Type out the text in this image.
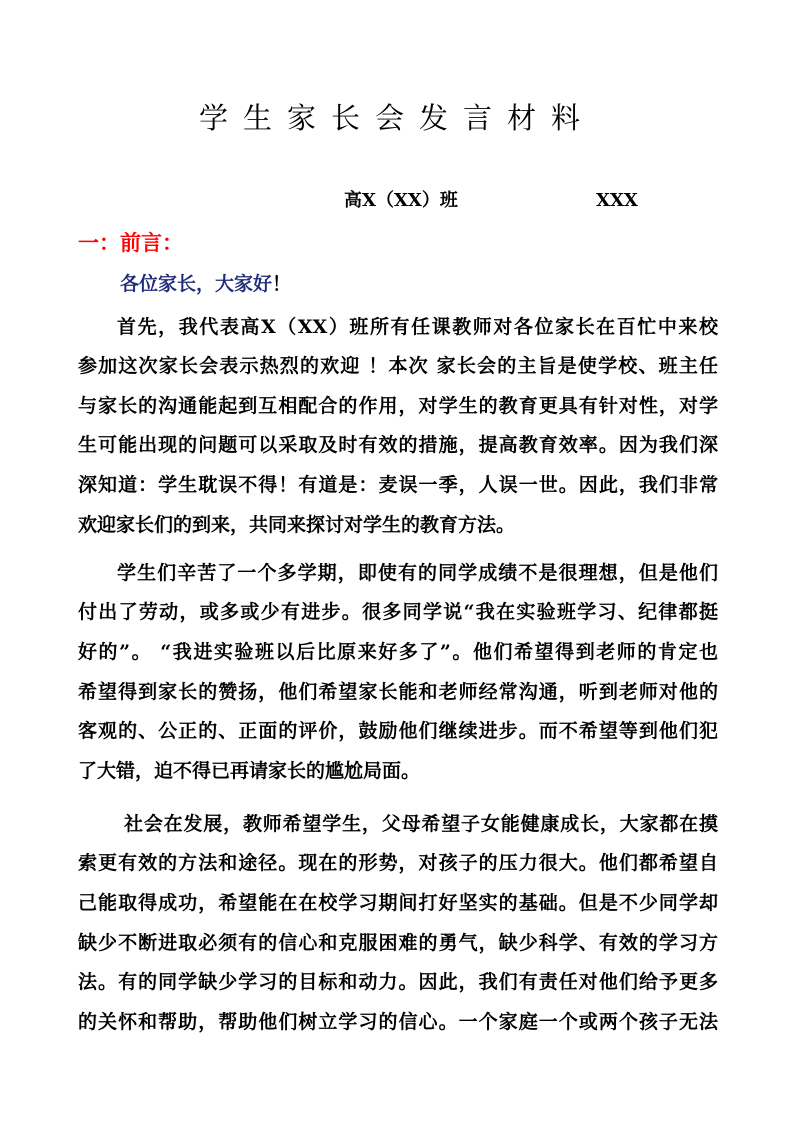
学生家长会发言材料
高X（XX）班	XXX
一：前言：
各位家长，大家好！
首先，我代表高X（XX）班所有任课教师对各位家长在百忙中来校
参加这次家长会表示热烈的欢迎 ！本次 家长会的主旨是使学校、班主任
与家长的沟通能起到互相配合的作用，对学生的教育更具有针对性，对学
生可能出现的问题可以采取及时有效的措施，提高教育效率。因为我们深
深知道：学生耽误不得！有道是：麦误一季，人误一世。因此，我们非常
欢迎家长们的到来，共同来探讨对学生的教育方法。
学生们辛苦了一个多学期，即使有的同学成绩不是很理想，但是他们
付出了劳动，或多或少有进步。很多同学说“我在实验班学习、纪律都挺
好的”。 “我进实验班以后比原来好多了”。他们希望得到老师的肯定也
希望得到家长的赞扬，他们希望家长能和老师经常沟通，听到老师对他的
客观的、公正的、正面的评价，鼓励他们继续进步。而不希望等到他们犯
了大错，迫不得已再请家长的尴尬局面。
社会在发展，教师希望学生，父母希望子女能健康成长，大家都在摸
索更有效的方法和途径。现在的形势，对孩子的压力很大。他们都希望自
己能取得成功，希望能在在校学习期间打好坚实的基础。但是不少同学却
缺少不断进取必须有的信心和克服困难的勇气，缺少科学、有效的学习方
法。有的同学缺少学习的目标和动力。因此，我们有责任对他们给予更多
的关怀和帮助，帮助他们树立学习的信心。一个家庭一个或两个孩子无法
